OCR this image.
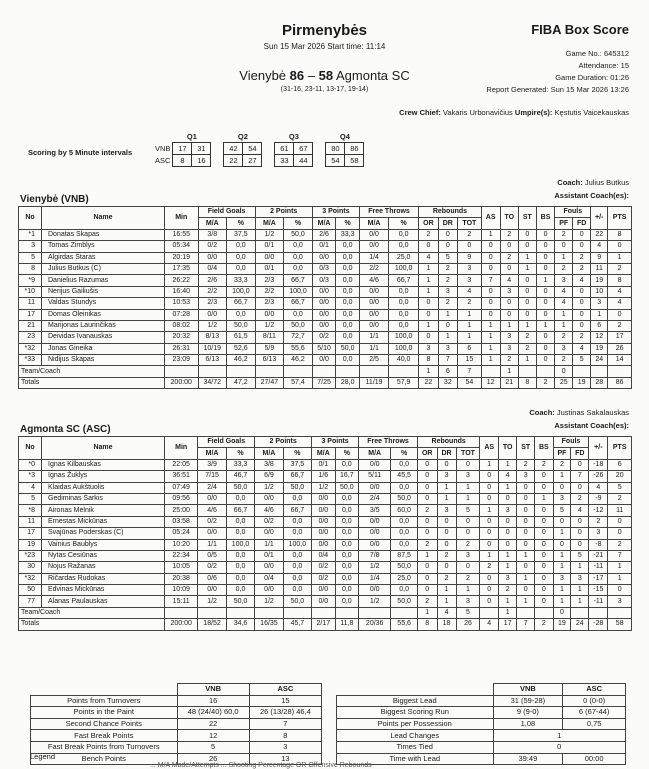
Pirmenybės
Sun 15 Mar 2026 Start time: 11:14
FIBA Box Score
Game No.: 645312
Attendance: 15
Game Duration: 01:26
Report Generated: Sun 15 Mar 2026 13:26
Vienybė 86 – 58 Agmonta SC
(31-16, 23-11, 13-17, 19-14)
Crew Chief: Vakaris Urbonavičius Umpire(s): Kęstutis Vaicekauskas
Scoring by 5 Minute intervals
	Q1			Q2			Q3			Q4	
VNB	17	31		42	54		61	67		80	86
ASC	8	16		22	27		33	44		54	58
Coach: Julius Butkus
Vienybė (VNB)	Assistant Coach(es):
No	Name	Min	Field Goals		2 Points		3 Points		Free Throws		Rebounds			AS	TO	ST	BS	Fouls		+/-	PTS
			M/A	%	M/A	%	M/A	%	M/A	%	OR	DR	TOT					PF	FD		
*1	Donatas Skapas	16:55	3/8	37,5	1/2	50,0	2/6	33,3	0/0	0,0	2	0	2	1	2	0	0	2	0	22	8
3	Tomas Zimblys	05:34	0/2	0,0	0/1	0,0	0/1	0,0	0/0	0,0	0	0	0	0	0	0	0	0	0	4	0
5	Algirdas Štaras	20:19	0/0	0,0	0/0	0,0	0/0	0,0	1/4	25,0	4	5	9	0	2	1	0	1	2	9	1
8	Julius Butkus (C)	17:35	0/4	0,0	0/1	0,0	0/3	0,0	2/2	100,0	1	2	3	0	0	1	0	2	2	11	2
*9	Danielius Razumas	26:22	2/6	33,3	2/3	66,7	0/3	0,0	4/6	66,7	1	2	3	7	4	0	1	3	4	19	8
*10	Nerijus Gailiušis	16:40	2/2	100,0	2/2	100,0	0/0	0,0	0/0	0,0	1	3	4	0	3	0	0	4	0	10	4
11	Valdas Stundys	10:53	2/3	66,7	2/3	66,7	0/0	0,0	0/0	0,0	0	2	2	0	0	0	0	4	0	3	4
17	Domas Oleinikas	07:28	0/0	0,0	0/0	0,0	0/0	0,0	0/0	0,0	0	1	1	0	0	0	0	1	0	1	0
21	Marijonas Laurinčikas	08:02	1/2	50,0	1/2	50,0	0/0	0,0	0/0	0,0	1	0	1	1	1	1	1	1	0	6	2
23	Deividas Ivanauskas	20:32	8/13	61,5	8/11	72,7	0/2	0,0	1/1	100,0	0	1	1	1	3	2	0	2	2	12	17
*32	Jonas Gineika	26:31	10/19	52,6	5/9	55,6	5/10	50,0	1/1	100,0	3	3	6	1	3	2	0	3	4	19	26
*33	Nidijus Skapas	23:09	6/13	46,2	6/13	46,2	0/0	0,0	2/5	40,0	8	7	15	1	2	1	0	2	5	24	14
Team/Coach											1	6	7		1			0			
Totals		200:00	34/72	47,2	27/47	57,4	7/25	28,0	11/19	57,9	22	32	54	12	21	8	2	25	19	28	86
Coach: Justinas Sakalauskas
Agmonta SC (ASC)	Assistant Coach(es):
No	Name	Min	Field Goals		2 Points		3 Points		Free Throws		Rebounds			AS	TO	ST	BS	Fouls		+/-	PTS
			M/A	%	M/A	%	M/A	%	M/A	%	OR	DR	TOT					PF	FD		
*0	Ignas Kilbauskas	22:05	3/9	33,3	3/8	37,5	0/1	0,0	0/0	0,0	0	0	0	1	1	2	2	2	0	-18	6
*3	Ignas Žuklys	36:51	7/15	46,7	6/9	66,7	1/6	16,7	5/11	45,5	0	3	3	0	4	3	0	1	7	-26	20
4	Klaidas Aukštuolis	07:49	2/4	50,0	1/2	50,0	1/2	50,0	0/0	0,0	0	1	1	0	1	0	0	0	0	4	5
5	Gediminas Šarkis	09:56	0/0	0,0	0/0	0,0	0/0	0,0	2/4	50,0	0	1	1	0	0	0	1	3	2	-9	2
*8	Aironas Melnik	25:00	4/6	66,7	4/6	66,7	0/0	0,0	3/5	60,0	2	3	5	1	3	0	0	5	4	-12	11
11	Ernestas Mickūnas	03:58	0/2	0,0	0/2	0,0	0/0	0,0	0/0	0,0	0	0	0	0	0	0	0	0	0	2	0
17	Svajūnas Poderskas (C)	05:24	0/0	0,0	0/0	0,0	0/0	0,0	0/0	0,0	0	0	0	0	0	0	0	1	0	3	0
19	Vainius Baublys	10:20	1/1	100,0	1/1	100,0	0/0	0,0	0/0	0,0	2	0	2	0	0	0	0	0	0	-8	2
*23	Nytas Cesiūnas	22:34	0/5	0,0	0/1	0,0	0/4	0,0	7/8	87,5	1	2	3	1	1	1	0	1	5	-21	7
30	Nojus Ražanas	10:05	0/2	0,0	0/0	0,0	0/2	0,0	1/2	50,0	0	0	0	2	1	0	0	1	1	-11	1
*32	Ričardas Rudokas	20:38	0/6	0,0	0/4	0,0	0/2	0,0	1/4	25,0	0	2	2	0	3	1	0	3	3	-17	1
50	Edvinas Mickūnas	10:09	0/0	0,0	0/0	0,0	0/0	0,0	0/0	0,0	0	1	1	0	2	0	0	1	1	-15	0
77	Alanas Paulauskas	15:11	1/2	50,0	1/2	50,0	0/0	0,0	1/2	50,0	2	1	3	0	1	1	0	1	1	-11	3
Team/Coach											1	4	5		1			0			
Totals		200:00	18/52	34,6	16/35	45,7	2/17	11,8	20/36	55,6	8	18	26	4	17	7	2	19	24	-28	58
	VNB	ASC
Points from Turnovers	16	15
Points in the Paint	48 (24/40) 60,0	26 (13/28) 46,4
Second Chance Points	22	7
Fast Break Points	12	8
Fast Break Points from Turnovers	5	3
Bench Points	26	13
	VNB	ASC
Biggest Lead	31 (59-28)	0 (0-0)
Biggest Scoring Run	9 (9-0)	6 (67-44)
Points per Possession	1,08	0,75
Lead Changes	1	
Times Tied	0	
Time with Lead	39:49	00:00
Legend
... M/A Made/Attempts ... Shooting Percentage OR Offensive Rebounds
